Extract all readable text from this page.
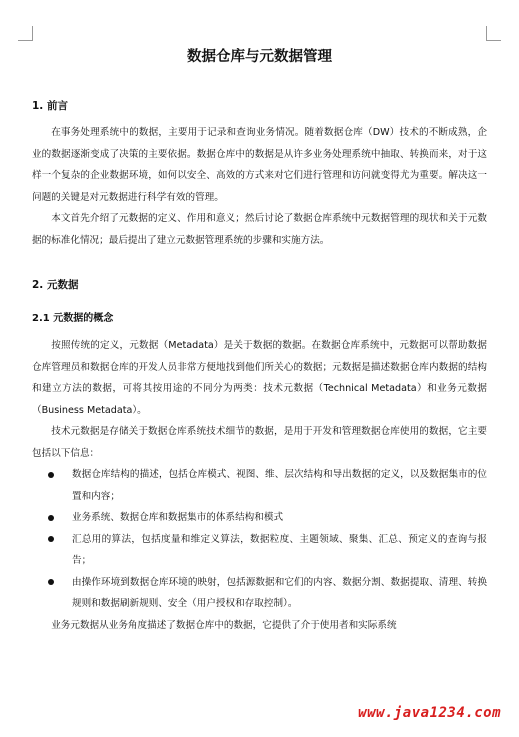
数据仓库与元数据管理
1. 前言

在事务处理系统中的数据，主要用于记录和查询业务情况。随着数据仓库（DW）技术的不断成熟，企业的数据逐渐变成了决策的主要依据。数据仓库中的数据是从许多业务处理系统中抽取、转换而来，对于这样一个复杂的企业数据环境，如何以安全、高效的方式来对它们进行管理和访问就变得尤为重要。解决这一问题的关键是对元数据进行科学有效的管理。

本文首先介绍了元数据的定义、作用和意义；然后讨论了数据仓库系统中元数据管理的现状和关于元数据的标准化情况；最后提出了建立元数据管理系统的步骤和实施方法。

2. 元数据
2.1 元数据的概念

按照传统的定义，元数据（Metadata）是关于数据的数据。在数据仓库系统中，元数据可以帮助数据仓库管理员和数据仓库的开发人员非常方便地找到他们所关心的数据；元数据是描述数据仓库内数据的结构和建立方法的数据，可将其按用途的不同分为两类：技术元数据（Technical Metadata）和业务元数据（Business Metadata）。

技术元数据是存储关于数据仓库系统技术细节的数据，是用于开发和管理数据仓库使用的数据，它主要包括以下信息：

数据仓库结构的描述，包括仓库模式、视图、维、层次结构和导出数据的定义，以及数据集市的位置和内容；
业务系统、数据仓库和数据集市的体系结构和模式
汇总用的算法，包括度量和维定义算法，数据粒度、主题领域、聚集、汇总、预定义的查询与报告；
由操作环境到数据仓库环境的映射，包括源数据和它们的内容、数据分割、数据提取、清理、转换规则和数据刷新规则、安全（用户授权和存取控制）。

业务元数据从业务角度描述了数据仓库中的数据，它提供了介于使用者和实际系统

www.java1234.com
